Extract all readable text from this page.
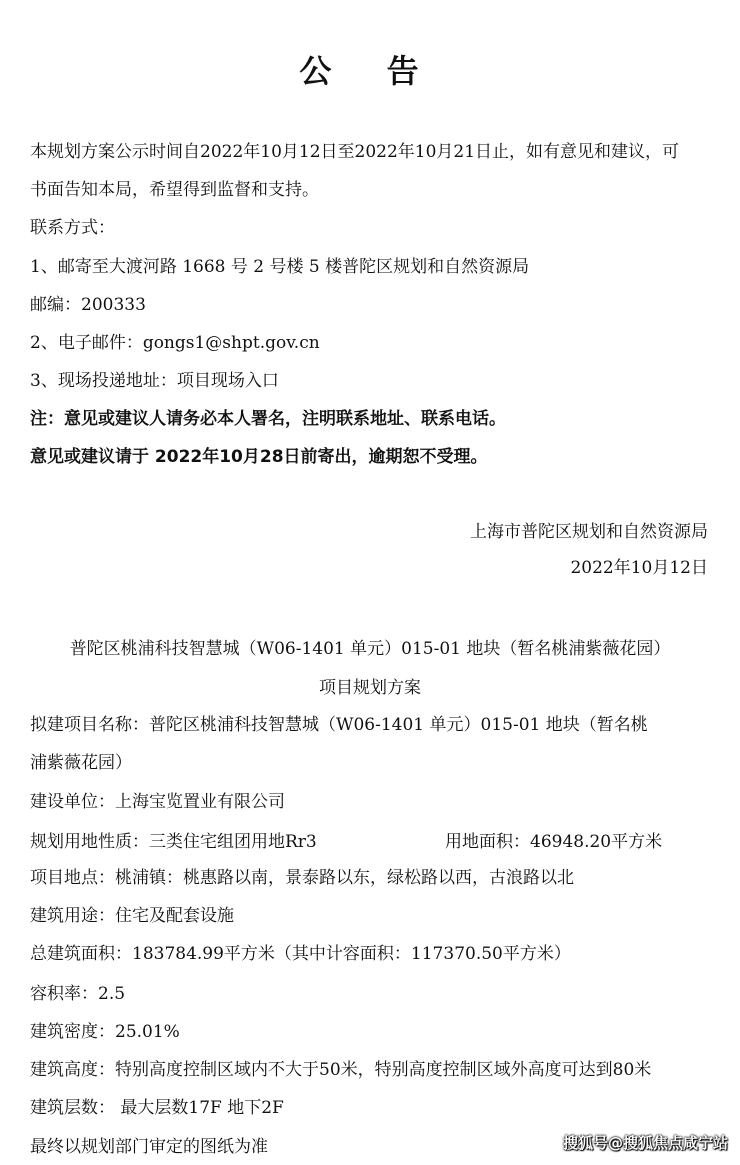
公 告
本规划方案公示时间自2022年10月12日至2022年10月21日止，如有意见和建议，可
书面告知本局，希望得到监督和支持。
联系方式：
1、邮寄至大渡河路 1668 号 2 号楼 5 楼普陀区规划和自然资源局
邮编：200333
2、电子邮件：gongs1@shpt.gov.cn
3、现场投递地址：项目现场入口
注：意见或建议人请务必本人署名，注明联系地址、联系电话。
意见或建议请于 2022年10月28日前寄出，逾期恕不受理。
上海市普陀区规划和自然资源局
2022年10月12日
普陀区桃浦科技智慧城（W06-1401 单元）015-01 地块（暂名桃浦紫薇花园）
项目规划方案
拟建项目名称：普陀区桃浦科技智慧城（W06-1401 单元）015-01 地块（暂名桃
浦紫薇花园）
建设单位：上海宝览置业有限公司
规划用地性质：三类住宅组团用地Rr3	用地面积：46948.20平方米
项目地点：桃浦镇：桃惠路以南，景泰路以东，绿松路以西，古浪路以北
建筑用途：住宅及配套设施
总建筑面积：183784.99平方米（其中计容面积：117370.50平方米）
容积率：2.5
建筑密度：25.01%
建筑高度：特别高度控制区域内不大于50米，特别高度控制区域外高度可达到80米
建筑层数： 最大层数17F 地下2F
最终以规划部门审定的图纸为准	搜狐号@搜狐焦点咸宁站
